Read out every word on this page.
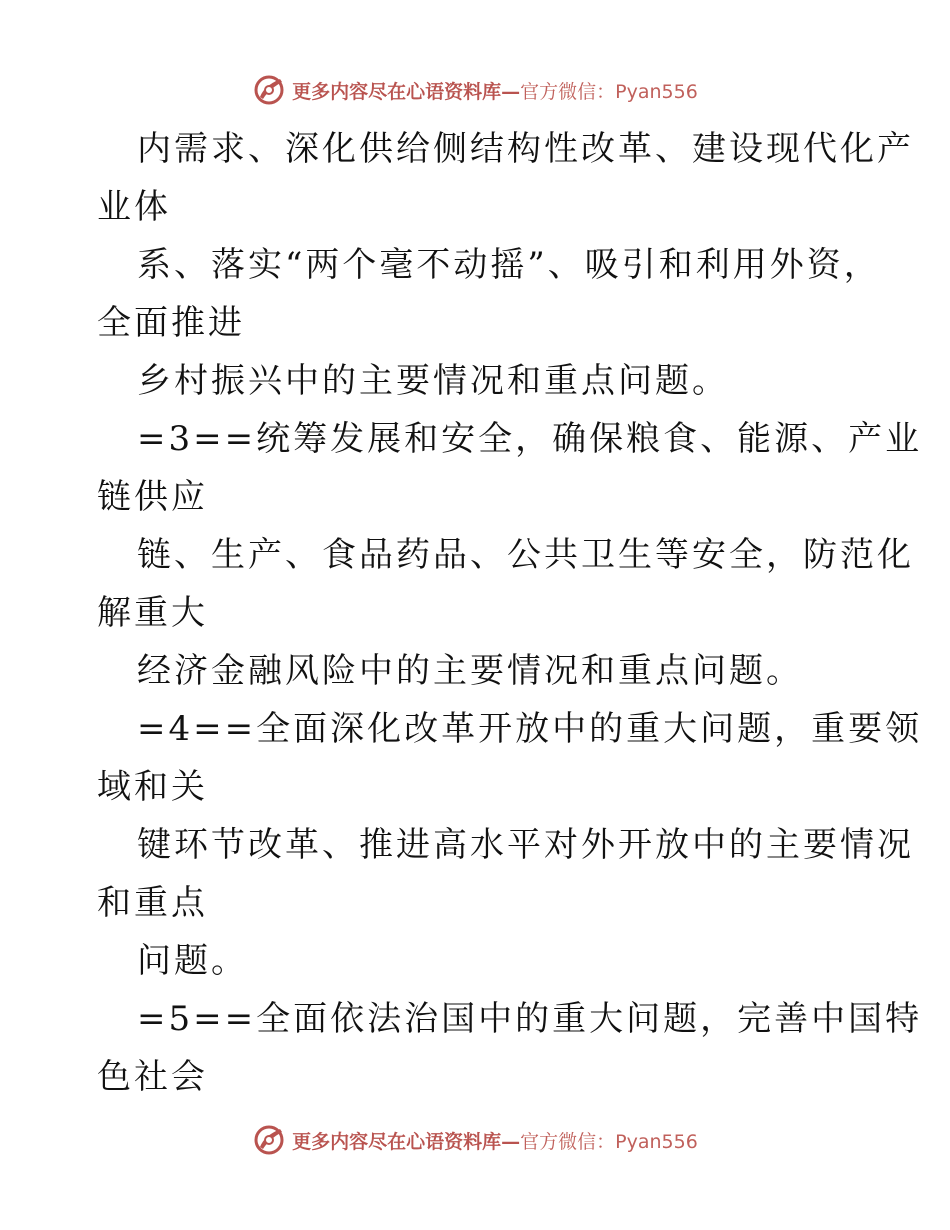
更多内容尽在心语资料库—官方微信：Pyan556
内需求、深化供给侧结构性改革、建设现代化产
业体
系、落实“两个毫不动摇”、吸引和利用外资，
全面推进
乡村振兴中的主要情况和重点问题。
=3==统筹发展和安全，确保粮食、能源、产业
链供应
链、生产、食品药品、公共卫生等安全，防范化
解重大
经济金融风险中的主要情况和重点问题。
=4==全面深化改革开放中的重大问题，重要领
域和关
键环节改革、推进高水平对外开放中的主要情况
和重点
问题。
=5==全面依法治国中的重大问题，完善中国特
色社会
更多内容尽在心语资料库—官方微信：Pyan556
